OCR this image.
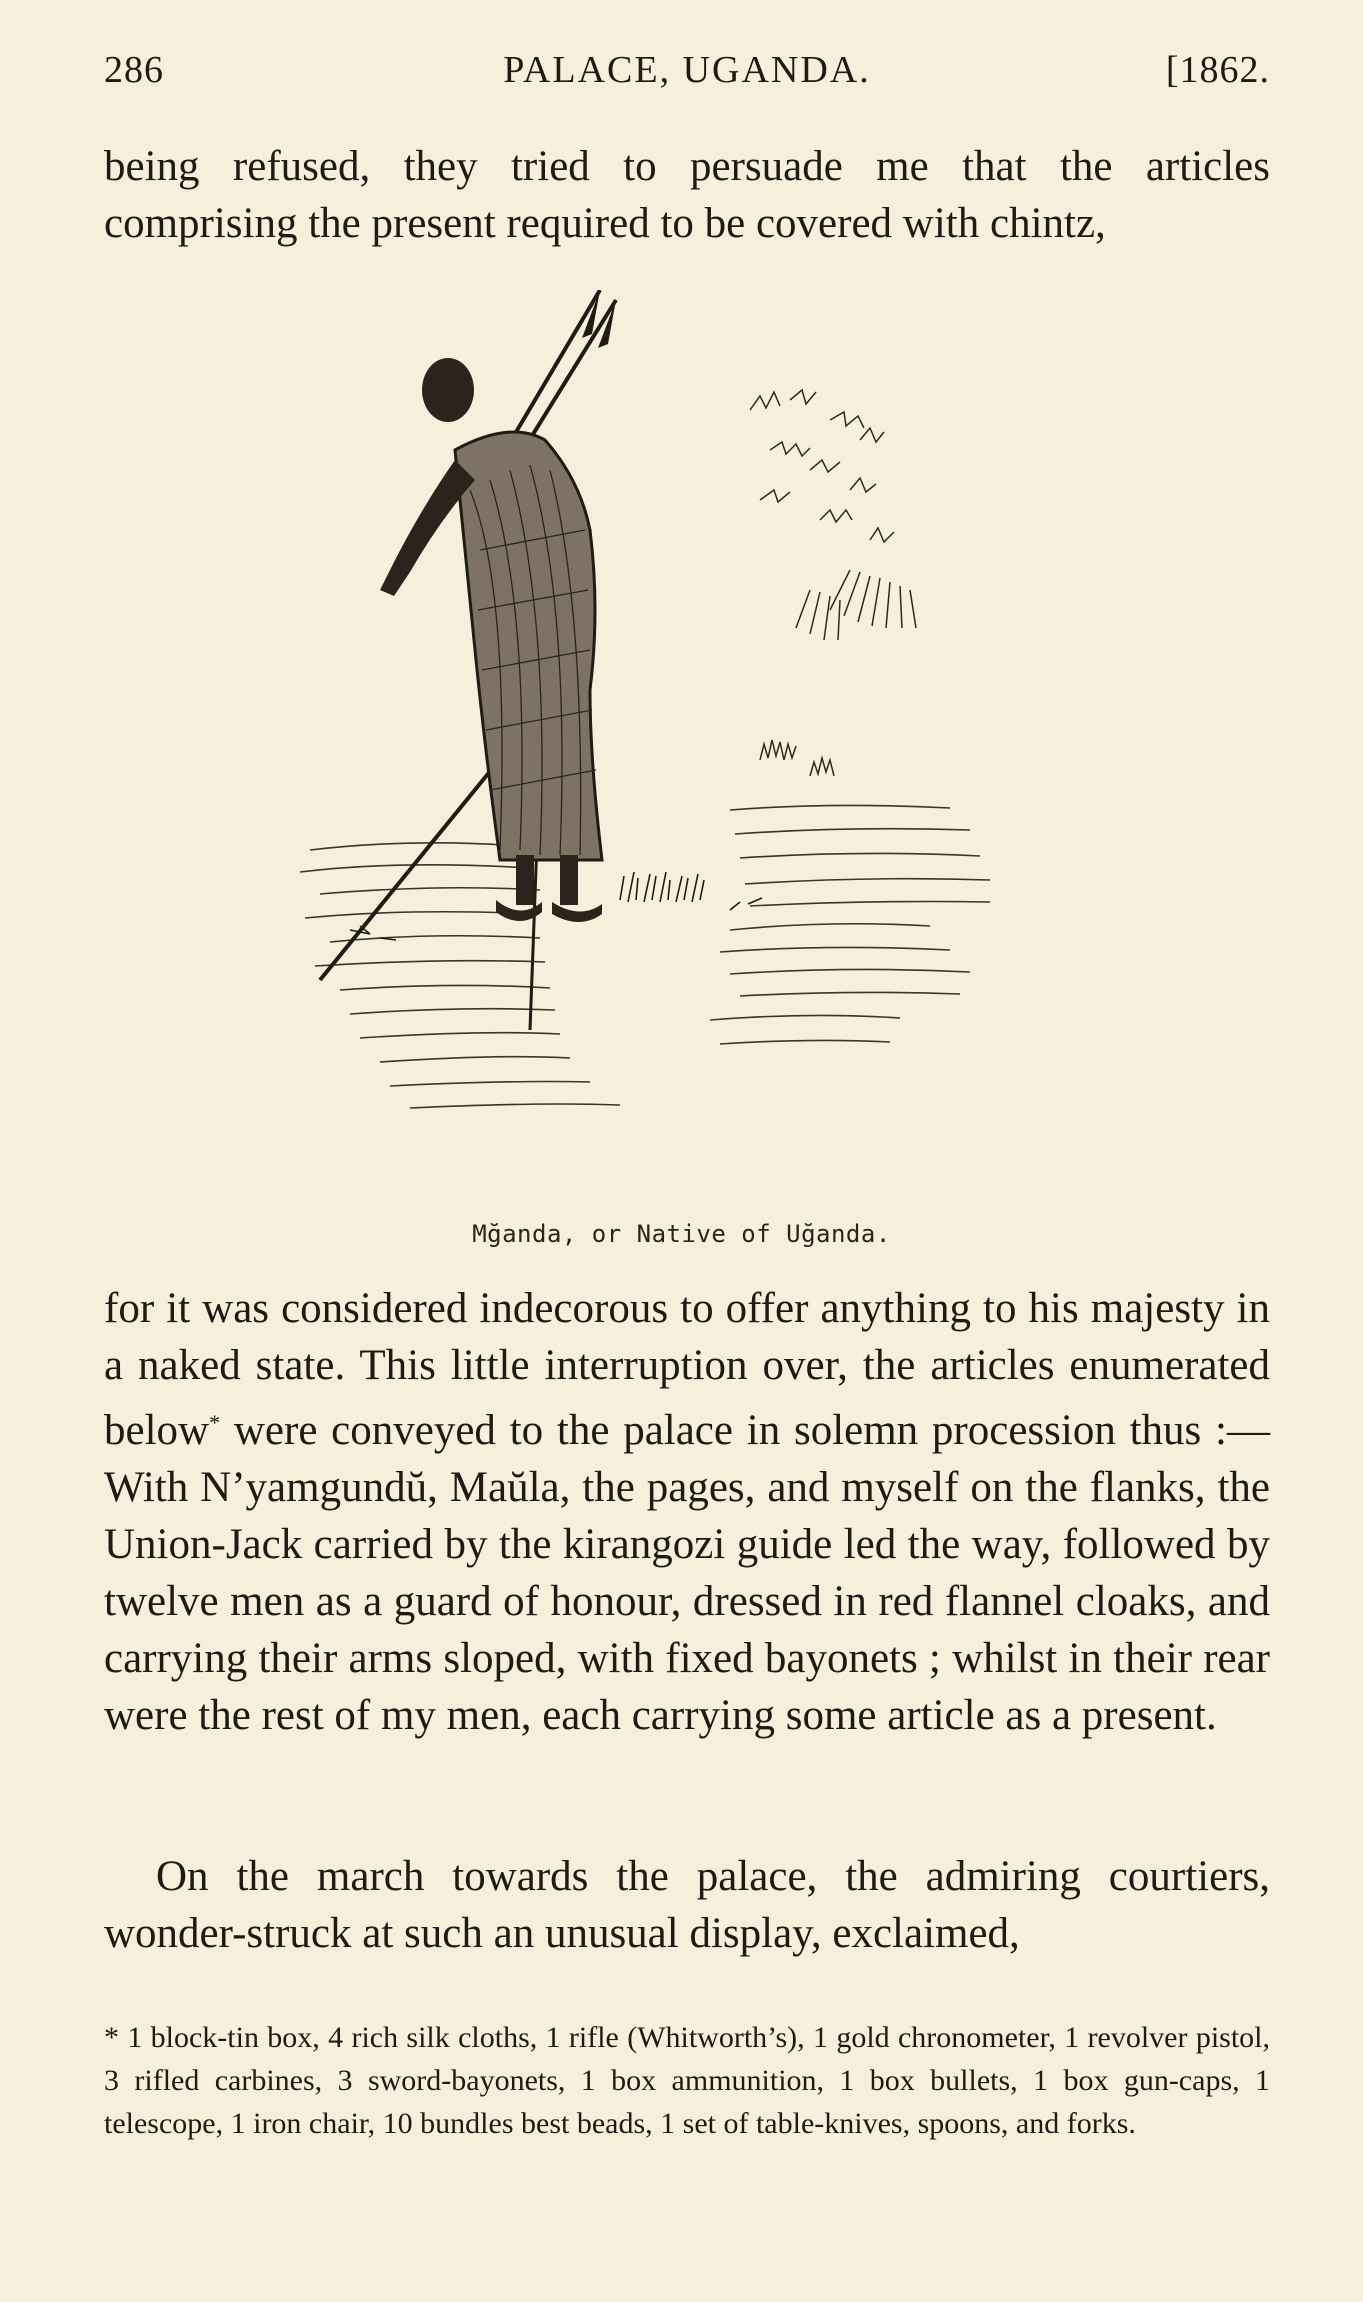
286	PALACE, UGANDA.	[1862.

being refused, they tried to persuade me that the articles comprising the present required to be covered with chintz,

Mğanda, or Native of Uğanda.

for it was considered indecorous to offer anything to his majesty in a naked state. This little interruption over, the articles enumerated below* were conveyed to the palace in solemn procession thus :—With N’yamgundŭ, Maŭla, the pages, and myself on the flanks, the Union-Jack carried by the kirangozi guide led the way, followed by twelve men as a guard of honour, dressed in red flannel cloaks, and carrying their arms sloped, with fixed bayonets ; whilst in their rear were the rest of my men, each carrying some article as a present.

On the march towards the palace, the admiring courtiers, wonder-struck at such an unusual display, exclaimed,

* 1 block-tin box, 4 rich silk cloths, 1 rifle (Whitworth’s), 1 gold chronometer, 1 revolver pistol, 3 rifled carbines, 3 sword-bayonets, 1 box ammunition, 1 box bullets, 1 box gun-caps, 1 telescope, 1 iron chair, 10 bundles best beads, 1 set of table-knives, spoons, and forks.
